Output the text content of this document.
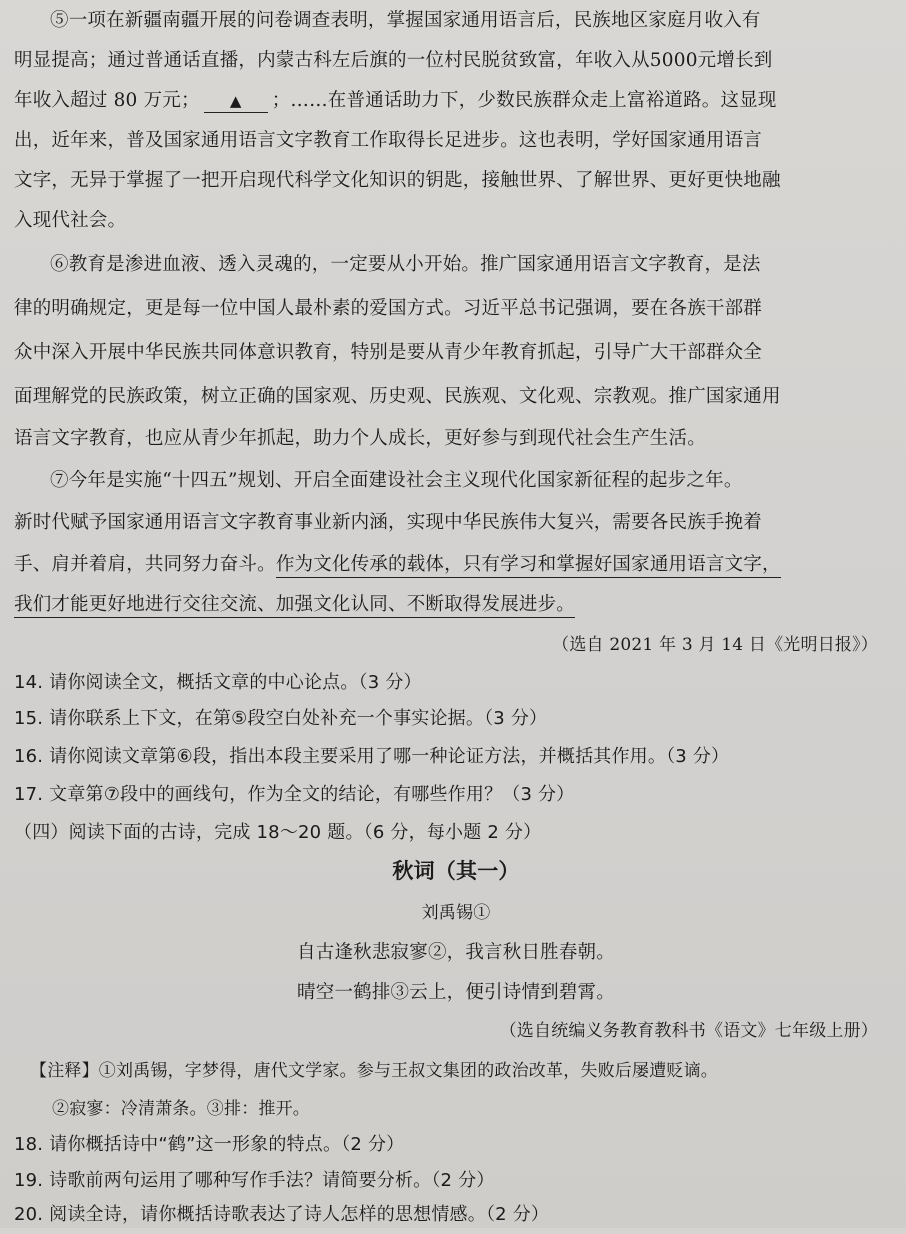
⑤一项在新疆南疆开展的问卷调查表明，掌握国家通用语言后，民族地区家庭月收入有
明显提高；通过普通话直播，内蒙古科左后旗的一位村民脱贫致富，年收入从5000元增长到
年收入超过 80 万元； ▲ ；……在普通话助力下，少数民族群众走上富裕道路。这显现
出，近年来，普及国家通用语言文字教育工作取得长足进步。这也表明，学好国家通用语言
文字，无异于掌握了一把开启现代科学文化知识的钥匙，接触世界、了解世界、更好更快地融
入现代社会。
⑥教育是渗进血液、透入灵魂的，一定要从小开始。推广国家通用语言文字教育，是法
律的明确规定，更是每一位中国人最朴素的爱国方式。习近平总书记强调，要在各族干部群
众中深入开展中华民族共同体意识教育，特别是要从青少年教育抓起，引导广大干部群众全
面理解党的民族政策，树立正确的国家观、历史观、民族观、文化观、宗教观。推广国家通用
语言文字教育，也应从青少年抓起，助力个人成长，更好参与到现代社会生产生活。
⑦今年是实施“十四五”规划、开启全面建设社会主义现代化国家新征程的起步之年。
新时代赋予国家通用语言文字教育事业新内涵，实现中华民族伟大复兴，需要各民族手挽着
手、肩并着肩，共同努力奋斗。作为文化传承的载体，只有学习和掌握好国家通用语言文字，
我们才能更好地进行交往交流、加强文化认同、不断取得发展进步。
（选自 2021 年 3 月 14 日《光明日报》）
14. 请你阅读全文，概括文章的中心论点。（3 分）
15. 请你联系上下文，在第⑤段空白处补充一个事实论据。（3 分）
16. 请你阅读文章第⑥段，指出本段主要采用了哪一种论证方法，并概括其作用。（3 分）
17. 文章第⑦段中的画线句，作为全文的结论，有哪些作用？（3 分）
（四）阅读下面的古诗，完成 18～20 题。（6 分，每小题 2 分）
秋词（其一）
刘禹锡①
自古逢秋悲寂寥②，我言秋日胜春朝。
晴空一鹤排③云上，便引诗情到碧霄。
（选自统编义务教育教科书《语文》七年级上册）
【注释】①刘禹锡，字梦得，唐代文学家。参与王叔文集团的政治改革，失败后屡遭贬谪。
②寂寥：冷清萧条。③排：推开。
18. 请你概括诗中“鹤”这一形象的特点。（2 分）
19. 诗歌前两句运用了哪种写作手法？请简要分析。（2 分）
20. 阅读全诗，请你概括诗歌表达了诗人怎样的思想情感。（2 分）
